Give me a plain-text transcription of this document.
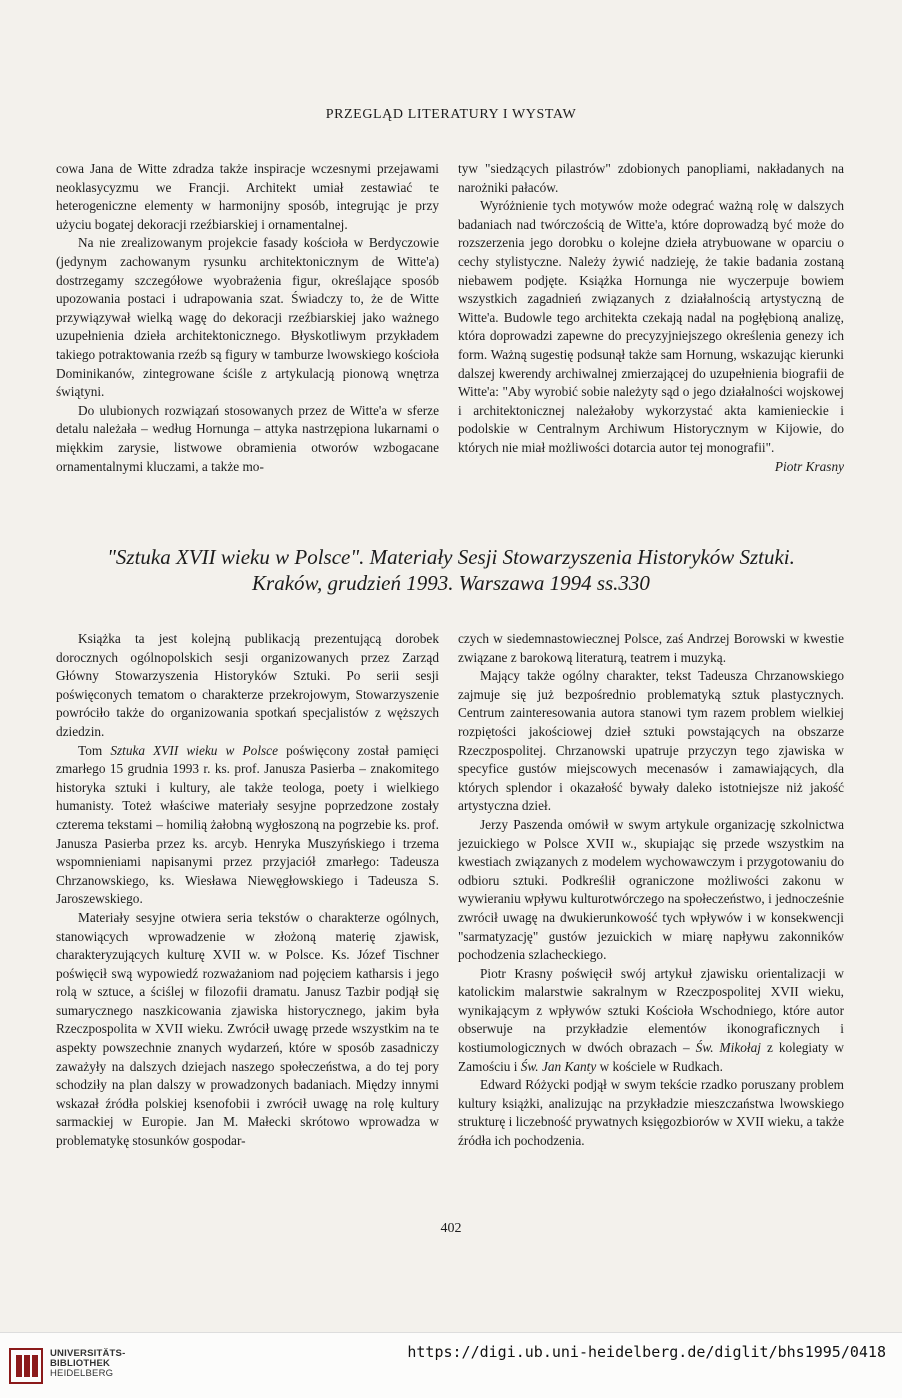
PRZEGLĄD LITERATURY I WYSTAW

cowa Jana de Witte zdradza także inspiracje wczesnymi przejawami neoklasycyzmu we Francji. Architekt umiał zestawiać te heterogeniczne elementy w harmonijny sposób, integrując je przy użyciu bogatej dekoracji rzeźbiarskiej i ornamentalnej.

Na nie zrealizowanym projekcie fasady kościoła w Berdyczowie (jedynym zachowanym rysunku architektonicznym de Witte'a) dostrzegamy szczegółowe wyobrażenia figur, określające sposób upozowania postaci i udrapowania szat. Świadczy to, że de Witte przywiązywał wielką wagę do dekoracji rzeźbiarskiej jako ważnego uzupełnienia dzieła architektonicznego. Błyskotliwym przykładem takiego potraktowania rzeźb są figury w tamburze lwowskiego kościoła Dominikanów, zintegrowane ściśle z artykulacją pionową wnętrza świątyni.

Do ulubionych rozwiązań stosowanych przez de Witte'a w sferze detalu należała – według Hornunga – attyka nastrzępiona lukarnami o miękkim zarysie, listwowe obramienia otworów wzbogacane ornamentalnymi kluczami, a także mo-

tyw "siedzących pilastrów" zdobionych panopliami, nakładanych na narożniki pałaców.

Wyróżnienie tych motywów może odegrać ważną rolę w dalszych badaniach nad twórczością de Witte'a, które doprowadzą być może do rozszerzenia jego dorobku o kolejne dzieła atrybuowane w oparciu o cechy stylistyczne. Należy żywić nadzieję, że takie badania zostaną niebawem podjęte. Książka Hornunga nie wyczerpuje bowiem wszystkich zagadnień związanych z działalnością artystyczną de Witte'a. Budowle tego architekta czekają nadal na pogłębioną analizę, która doprowadzi zapewne do precyzyjniejszego określenia genezy ich form. Ważną sugestię podsunął także sam Hornung, wskazując kierunki dalszej kwerendy archiwalnej zmierzającej do uzupełnienia biografii de Witte'a: "Aby wyrobić sobie należyty sąd o jego działalności wojskowej i architektonicznej należałoby wykorzystać akta kamienieckie i podolskie w Centralnym Archiwum Historycznym w Kijowie, do których nie miał możliwości dotarcia autor tej monografii".

Piotr Krasny

"Sztuka XVII wieku w Polsce". Materiały Sesji Stowarzyszenia Historyków Sztuki.
Kraków, grudzień 1993. Warszawa 1994 ss.330

Książka ta jest kolejną publikacją prezentującą dorobek dorocznych ogólnopolskich sesji organizowanych przez Zarząd Główny Stowarzyszenia Historyków Sztuki. Po serii sesji poświęconych tematom o charakterze przekrojowym, Stowarzyszenie powróciło także do organizowania spotkań specjalistów z węższych dziedzin.

Tom Sztuka XVII wieku w Polsce poświęcony został pamięci zmarłego 15 grudnia 1993 r. ks. prof. Janusza Pasierba – znakomitego historyka sztuki i kultury, ale także teologa, poety i wielkiego humanisty. Toteż właściwe materiały sesyjne poprzedzone zostały czterema tekstami – homilią żałobną wygłoszoną na pogrzebie ks. prof. Janusza Pasierba przez ks. arcyb. Henryka Muszyńskiego i trzema wspomnieniami napisanymi przez przyjaciół zmarłego: Tadeusza Chrzanowskiego, ks. Wiesława Niewęgłowskiego i Tadeusza S. Jaroszewskiego.

Materiały sesyjne otwiera seria tekstów o charakterze ogólnych, stanowiących wprowadzenie w złożoną materię zjawisk, charakteryzujących kulturę XVII w. w Polsce. Ks. Józef Tischner poświęcił swą wypowiedź rozważaniom nad pojęciem katharsis i jego rolą w sztuce, a ściślej w filozofii dramatu. Janusz Tazbir podjął się sumarycznego naszkicowania zjawiska historycznego, jakim była Rzeczpospolita w XVII wieku. Zwrócił uwagę przede wszystkim na te aspekty powszechnie znanych wydarzeń, które w sposób zasadniczy zaważyły na dalszych dziejach naszego społeczeństwa, a do tej pory schodziły na plan dalszy w prowadzonych badaniach. Między innymi wskazał źródła polskiej ksenofobii i zwrócił uwagę na rolę kultury sarmackiej w Europie. Jan M. Małecki skrótowo wprowadza w problematykę stosunków gospodar-

czych w siedemnastowiecznej Polsce, zaś Andrzej Borowski w kwestie związane z barokową literaturą, teatrem i muzyką.

Mający także ogólny charakter, tekst Tadeusza Chrzanowskiego zajmuje się już bezpośrednio problematyką sztuk plastycznych. Centrum zainteresowania autora stanowi tym razem problem wielkiej rozpiętości jakościowej dzieł sztuki powstających na obszarze Rzeczpospolitej. Chrzanowski upatruje przyczyn tego zjawiska w specyfice gustów miejscowych mecenasów i zamawiających, dla których splendor i okazałość bywały daleko istotniejsze niż jakość artystyczna dzieł.

Jerzy Paszenda omówił w swym artykule organizację szkolnictwa jezuickiego w Polsce XVII w., skupiając się przede wszystkim na kwestiach związanych z modelem wychowawczym i przygotowaniu do odbioru sztuki. Podkreślił ograniczone możliwości zakonu w wywieraniu wpływu kulturotwórczego na społeczeństwo, i jednocześnie zwrócił uwagę na dwukierunkowość tych wpływów i w konsekwencji "sarmatyzację" gustów jezuickich w miarę napływu zakonników pochodzenia szlacheckiego.

Piotr Krasny poświęcił swój artykuł zjawisku orientalizacji w katolickim malarstwie sakralnym w Rzeczpospolitej XVII wieku, wynikającym z wpływów sztuki Kościoła Wschodniego, które autor obserwuje na przykładzie elementów ikonograficznych i kostiumologicznych w dwóch obrazach – Św. Mikołaj z kolegiaty w Zamościu i Św. Jan Kanty w kościele w Rudkach.

Edward Różycki podjął w swym tekście rzadko poruszany problem kultury książki, analizując na przykładzie mieszczaństwa lwowskiego strukturę i liczebność prywatnych księgozbiorów w XVII wieku, a także źródła ich pochodzenia.

402
UNIVERSITÄTS-
BIBLIOTHEK
HEIDELBERG
https://digi.ub.uni-heidelberg.de/diglit/bhs1995/0418
